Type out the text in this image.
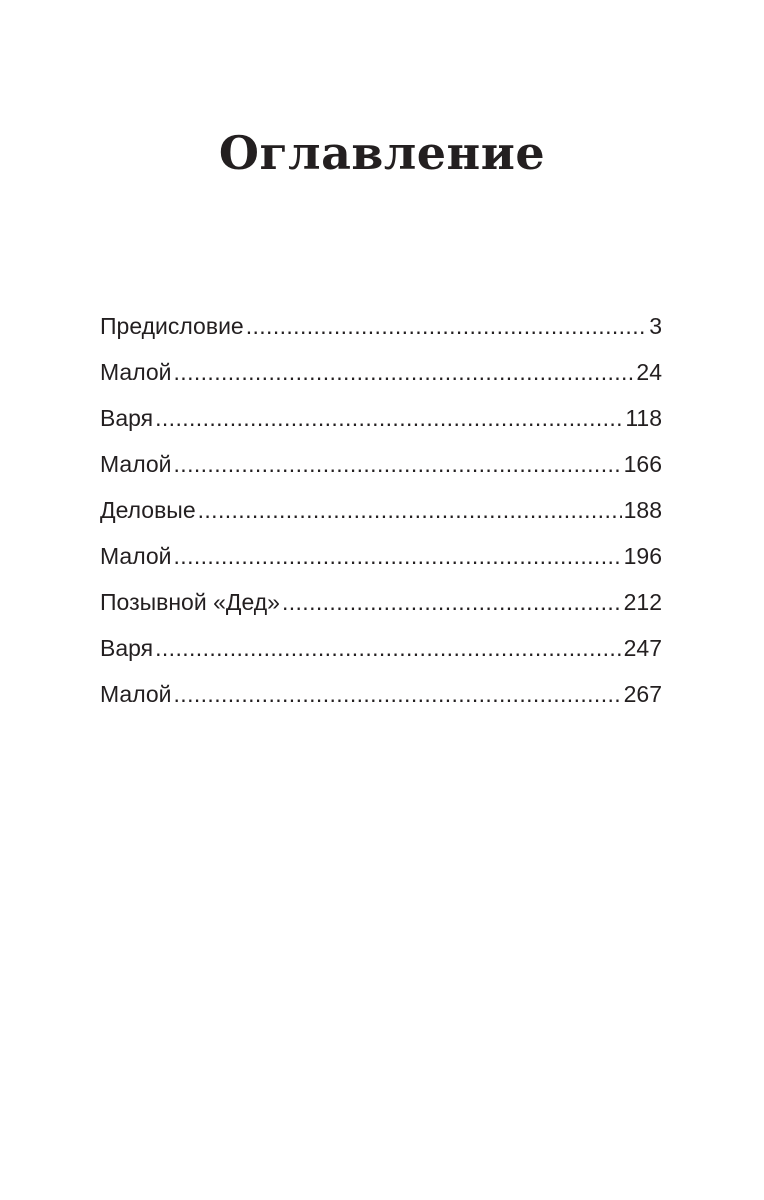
Оглавление
Предисловие . . .	3
Малой . . .	24
Варя . . .	118
Малой . . .	166
Деловые . . .	188
Малой . . .	196
Позывной «Дед» . . .	212
Варя . . .	247
Малой . . .	267
